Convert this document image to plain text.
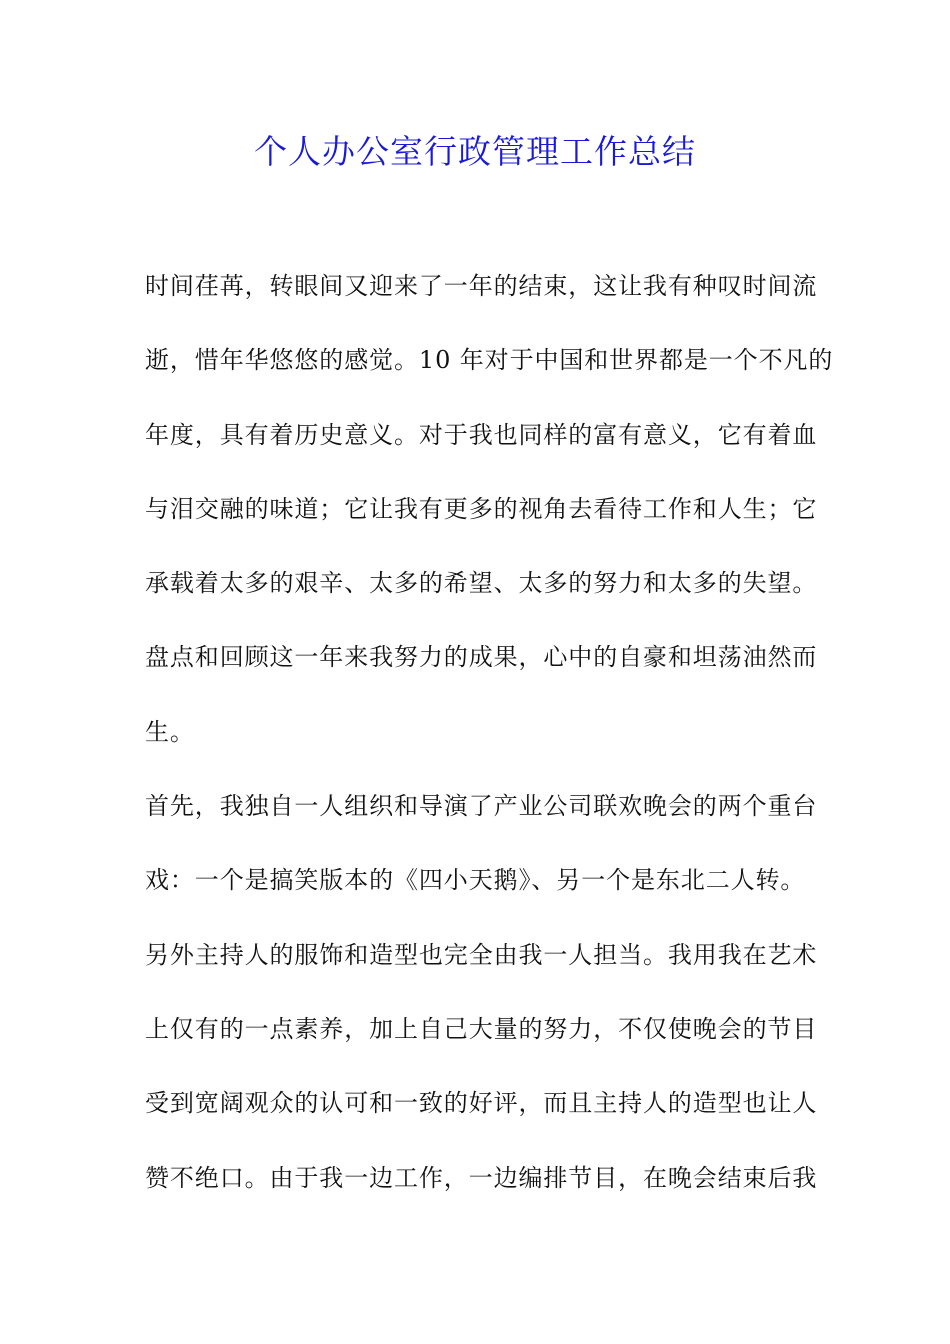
个人办公室行政管理工作总结
时间荏苒，转眼间又迎来了一年的结束，这让我有种叹时间流
逝，惜年华悠悠的感觉。10 年对于中国和世界都是一个不凡的
年度，具有着历史意义。对于我也同样的富有意义，它有着血
与泪交融的味道；它让我有更多的视角去看待工作和人生；它
承载着太多的艰辛、太多的希望、太多的努力和太多的失望。
盘点和回顾这一年来我努力的成果，心中的自豪和坦荡油然而
生。
首先，我独自一人组织和导演了产业公司联欢晚会的两个重台
戏：一个是搞笑版本的《四小天鹅》、另一个是东北二人转。
另外主持人的服饰和造型也完全由我一人担当。我用我在艺术
上仅有的一点素养，加上自己大量的努力，不仅使晚会的节目
受到宽阔观众的认可和一致的好评，而且主持人的造型也让人
赞不绝口。由于我一边工作，一边编排节目，在晚会结束后我
